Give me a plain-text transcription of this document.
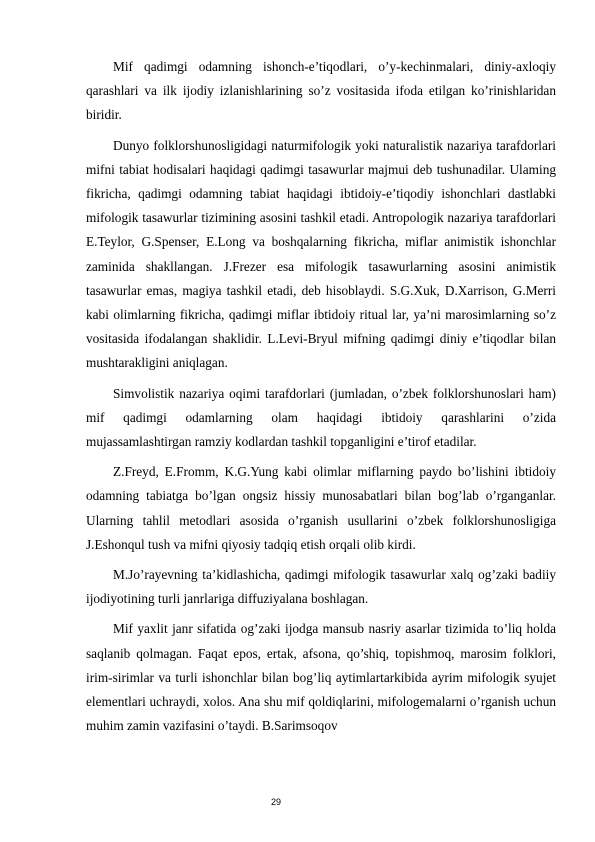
Mif qadimgi odamning ishonch-e’tiqodlari, o’y-kechinmalari, diniy-axloqiy qarashlari va ilk ijodiy izlanishlarining so’z vositasida ifoda etilgan ko’rinishlaridan biridir.

Dunyo folklorshunosligidagi naturmifologik yoki naturalistik nazariya tarafdorlari mifni tabiat hodisalari haqidagi qadimgi tasawurlar majmui deb tushunadilar. Ulaming fikricha, qadimgi odamning tabiat haqidagi ibtidoiy-e’tiqodiy ishonchlari dastlabki mifologik tasawurlar tizimining asosini tashkil etadi. Antropologik nazariya tarafdorlari E.Teylor, G.Spenser, E.Long va boshqalarning fikricha, miflar animistik ishonchlar zaminida shakllangan. J.Frezer esa mifologik tasawurlarning asosini animistik tasawurlar emas, magiya tashkil etadi, deb hisoblaydi. S.G.Xuk, D.Xarrison, G.Merri kabi olimlarning fikricha, qadimgi miflar ibtidoiy ritual lar, ya’ni marosimlarning so’z vositasida ifodalangan shaklidir. L.Levi-Bryul mifning qadimgi diniy e’tiqodlar bilan mushtarakligini aniqlagan.

Simvolistik nazariya oqimi tarafdorlari (jumladan, o’zbek folklorshunoslari ham) mif qadimgi odamlarning olam haqidagi ibtidoiy qarashlarini o’zida mujassamlashtirgan ramziy kodlardan tashkil topganligini e’tirof etadilar.

Z.Freyd, E.Fromm, K.G.Yung kabi olimlar miflarning paydo bo’lishini ibtidoiy odamning tabiatga bo’lgan ongsiz hissiy munosabatlari bilan bog’lab o’rganganlar. Ularning tahlil metodlari asosida o’rganish usullarini o’zbek folklorshunosligiga J.Eshonqul tush va mifni qiyosiy tadqiq etish orqali olib kirdi.

M.Jo’rayevning ta’kidlashicha, qadimgi mifologik tasawurlar xalq og’zaki badiiy ijodiyotining turli janrlariga diffuziyalana boshlagan.

Mif yaxlit janr sifatida og’zaki ijodga mansub nasriy asarlar tizimida to’liq holda saqlanib qolmagan. Faqat epos, ertak, afsona, qo’shiq, topishmoq, marosim folklori, irim-sirimlar va turli ishonchlar bilan bog’liq aytimlartarkibida ayrim mifologik syujet elementlari uchraydi, xolos. Ana shu mif qoldiqlarini, mifologemalarni o’rganish uchun muhim zamin vazifasini o’taydi. B.Sarimsoqov

29
